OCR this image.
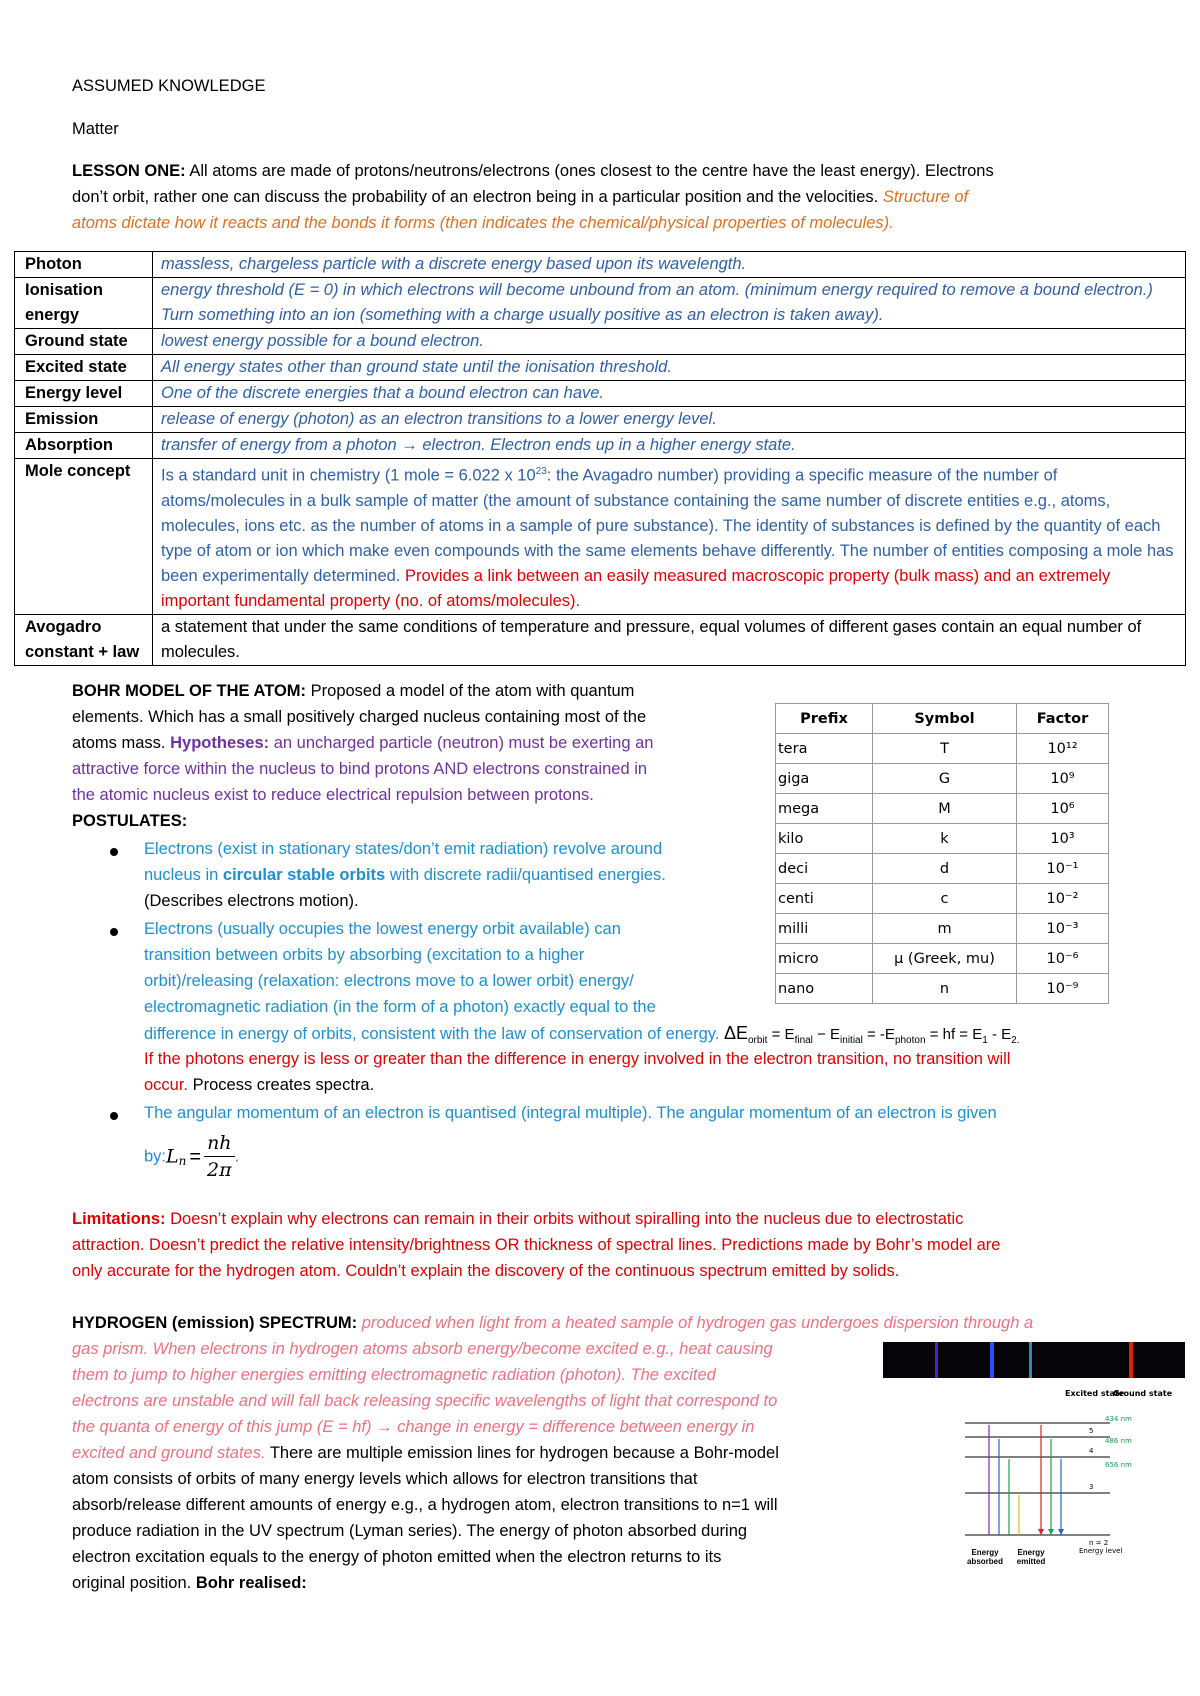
ASSUMED KNOWLEDGE
Matter
LESSON ONE: All atoms are made of protons/neutrons/electrons (ones closest to the centre have the least energy). Electrons
don’t orbit, rather one can discuss the probability of an electron being in a particular position and the velocities. Structure of
atoms dictate how it reacts and the bonds it forms (then indicates the chemical/physical properties of molecules).
Photon	massless, chargeless particle with a discrete energy based upon its wavelength.
Ionisation energy	energy threshold (E = 0) in which electrons will become unbound from an atom. (minimum energy required to remove a bound electron.) Turn something into an ion (something with a charge usually positive as an electron is taken away).
Ground state	lowest energy possible for a bound electron.
Excited state	All energy states other than ground state until the ionisation threshold.
Energy level	One of the discrete energies that a bound electron can have.
Emission	release of energy (photon) as an electron transitions to a lower energy level.
Absorption	transfer of energy from a photon → electron. Electron ends up in a higher energy state.
Mole concept	Is a standard unit in chemistry (1 mole = 6.022 x $10^{23}$: the Avagadro number) providing a specific measure of the number of atoms/molecules in a bulk sample of matter (the amount of substance containing the same number of discrete entities e.g., atoms, molecules, ions etc. as the number of atoms in a sample of pure substance). The identity of substances is defined by the quantity of each type of atom or ion which make even compounds with the same elements behave differently. The number of entities composing a mole has been experimentally determined. Provides a link between an easily measured macroscopic property (bulk mass) and an extremely important fundamental property (no. of atoms/molecules).
Avogadro constant + law	a statement that under the same conditions of temperature and pressure, equal volumes of different gases contain an equal number of molecules.
BOHR MODEL OF THE ATOM: Proposed a model of the atom with quantum
elements. Which has a small positively charged nucleus containing most of the
atoms mass. Hypotheses: an uncharged particle (neutron) must be exerting an
attractive force within the nucleus to bind protons AND electrons constrained in
the atomic nucleus exist to reduce electrical repulsion between protons.
POSTULATES:
Electrons (exist in stationary states/don’t emit radiation) revolve around
nucleus in circular stable orbits with discrete radii/quantised energies.
(Describes electrons motion).
Electrons (usually occupies the lowest energy orbit available) can
transition between orbits by absorbing (excitation to a higher
orbit)/releasing (relaxation: electrons move to a lower orbit) energy/
electromagnetic radiation (in the form of a photon) exactly equal to the
difference in energy of orbits, consistent with the law of conservation of energy. $\Delta E_{orbit} = E_{final} - E_{initial} = -E_{photon}$ = hf = $E_1 - E_{2.}$
If the photons energy is less or greater than the difference in energy involved in the electron transition, no transition will
occur. Process creates spectra.
The angular momentum of an electron is quantised (integral multiple). The angular momentum of an electron is given
$by:L_n = \frac{nh}{2\pi}$ .
Prefix	Symbol	Factor
tera	T	10¹²
giga	G	10⁹
mega	M	10⁶
kilo	k	10³
deci	d	10⁻¹
centi	c	10⁻²
milli	m	10⁻³
micro	μ (Greek, mu)	10⁻⁶
nano	n	10⁻⁹
Limitations: Doesn’t explain why electrons can remain in their orbits without spiralling into the nucleus due to electrostatic
attraction. Doesn’t predict the relative intensity/brightness OR thickness of spectral lines. Predictions made by Bohr’s model are
only accurate for the hydrogen atom. Couldn’t explain the discovery of the continuous spectrum emitted by solids.
HYDROGEN (emission) SPECTRUM: produced when light from a heated sample of hydrogen gas undergoes dispersion through a
gas prism. When electrons in hydrogen atoms absorb energy/become excited e.g., heat causing
them to jump to higher energies emitting electromagnetic radiation (photon). The excited
electrons are unstable and will fall back releasing specific wavelengths of light that correspond to
the quanta of energy of this jump (E = hf) → change in energy = difference between energy in
excited and ground states. There are multiple emission lines for hydrogen because a Bohr-model
atom consists of orbits of many energy levels which allows for electron transitions that
absorb/release different amounts of energy e.g., a hydrogen atom, electron transitions to n=1 will
produce radiation in the UV spectrum (Lyman series). The energy of photon absorbed during
electron excitation equals to the energy of photon emitted when the electron returns to its
original position. Bohr realised:
Excited state
Ground state
5
4
3
n = 2
Energy level
434 nm
486 nm
656 nm
Energy absorbed
Energy emitted
